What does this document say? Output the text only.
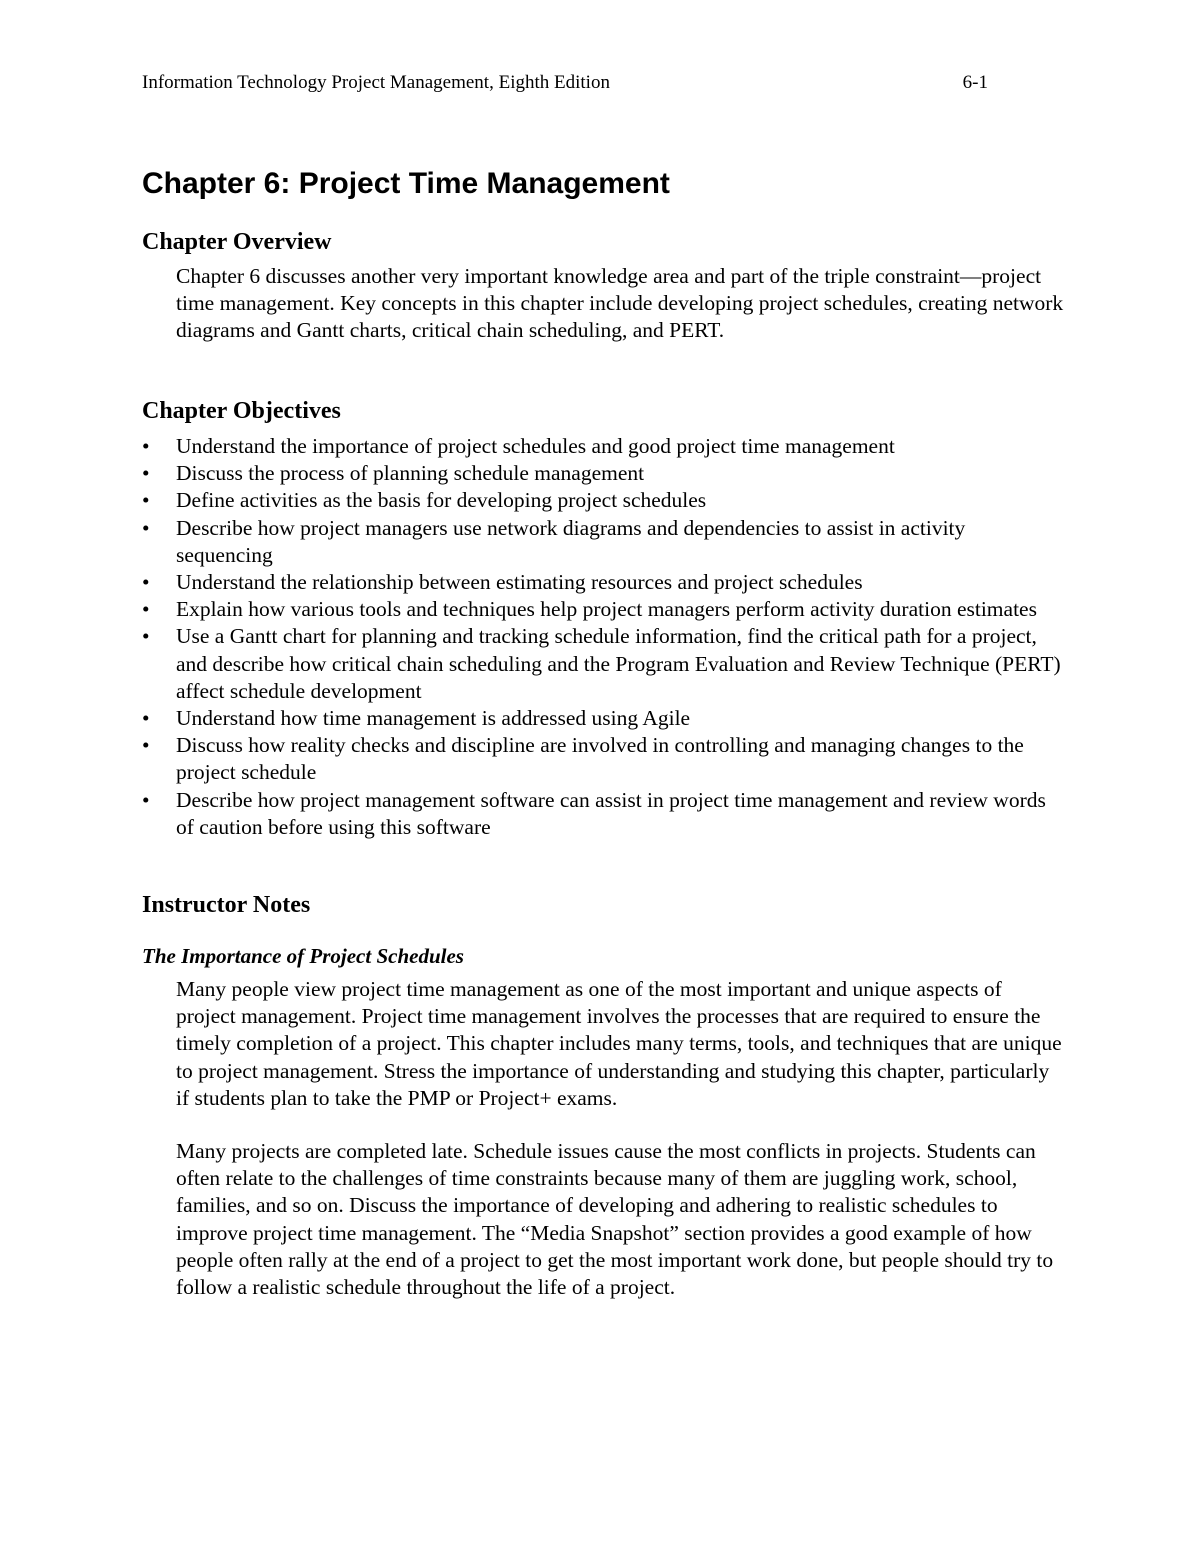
Information Technology Project Management, Eighth Edition	6-1
Chapter 6: Project Time Management
Chapter Overview

Chapter 6 discusses another very important knowledge area and part of the triple constraint—project time management. Key concepts in this chapter include developing project schedules, creating network diagrams and Gantt charts, critical chain scheduling, and PERT.

Chapter Objectives
•	Understand the importance of project schedules and good project time management
•	Discuss the process of planning schedule management
•	Define activities as the basis for developing project schedules
•	Describe how project managers use network diagrams and dependencies to assist in activity sequencing
•	Understand the relationship between estimating resources and project schedules
•	Explain how various tools and techniques help project managers perform activity duration estimates
•	Use a Gantt chart for planning and tracking schedule information, find the critical path for a project, and describe how critical chain scheduling and the Program Evaluation and Review Technique (PERT) affect schedule development
•	Understand how time management is addressed using Agile
•	Discuss how reality checks and discipline are involved in controlling and managing changes to the project schedule
•	Describe how project management software can assist in project time management and review words of caution before using this software
Instructor Notes
The Importance of Project Schedules

Many people view project time management as one of the most important and unique aspects of project management. Project time management involves the processes that are required to ensure the timely completion of a project. This chapter includes many terms, tools, and techniques that are unique to project management. Stress the importance of understanding and studying this chapter, particularly if students plan to take the PMP or Project+ exams.

Many projects are completed late. Schedule issues cause the most conflicts in projects. Students can often relate to the challenges of time constraints because many of them are juggling work, school, families, and so on. Discuss the importance of developing and adhering to realistic schedules to improve project time management. The “Media Snapshot” section provides a good example of how people often rally at the end of a project to get the most important work done, but people should try to follow a realistic schedule throughout the life of a project.
